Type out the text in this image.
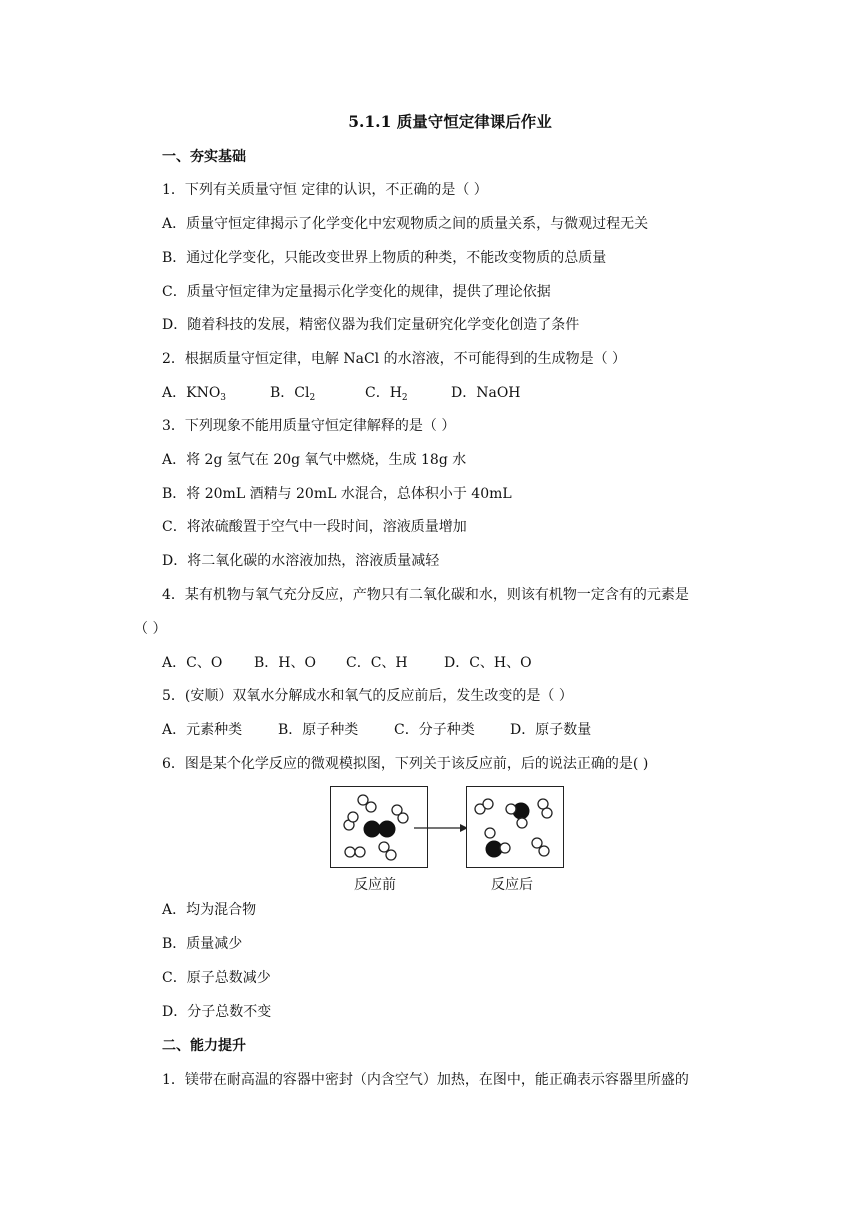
5.1.1 质量守恒定律课后作业
一、夯实基础
1．下列有关质量守恒 定律的认识，不正确的是（ ）
A．质量守恒定律揭示了化学变化中宏观物质之间的质量关系，与微观过程无关
B．通过化学变化，只能改变世界上物质的种类，不能改变物质的总质量
C．质量守恒定律为定量揭示化学变化的规律，提供了理论依据
D．随着科技的发展，精密仪器为我们定量研究化学变化创造了条件
2．根据质量守恒定律，电解 NaCl 的水溶液，不可能得到的生成物是（ ）
A．$KNO_3$	B．$Cl_2$	C．$H_2$	D．NaOH
3．下列现象不能用质量守恒定律解释的是（ ）
A．将 2g 氢气在 20g 氧气中燃烧，生成 18g 水
B．将 20mL 酒精与 20mL 水混合，总体积小于 40mL
C．将浓硫酸置于空气中一段时间，溶液质量增加
D．将二氧化碳的水溶液加热，溶液质量减轻
4．某有机物与氧气充分反应，产物只有二氧化碳和水，则该有机物一定含有的元素是
（ ）
A．C、O B．H、O C．C、H	D．C、H、O
5．(安顺）双氧水分解成水和氧气的反应前后，发生改变的是（ ）
A．元素种类	B．原子种类	C．分子种类	D．原子数量
6．图是某个化学反应的微观模拟图，下列关于该反应前，后的说法正确的是( )
反应前	反应后
A．均为混合物
B．质量减少
C．原子总数减少
D．分子总数不变
二、能力提升
1．镁带在耐高温的容器中密封（内含空气）加热，在图中，能正确表示容器里所盛的
